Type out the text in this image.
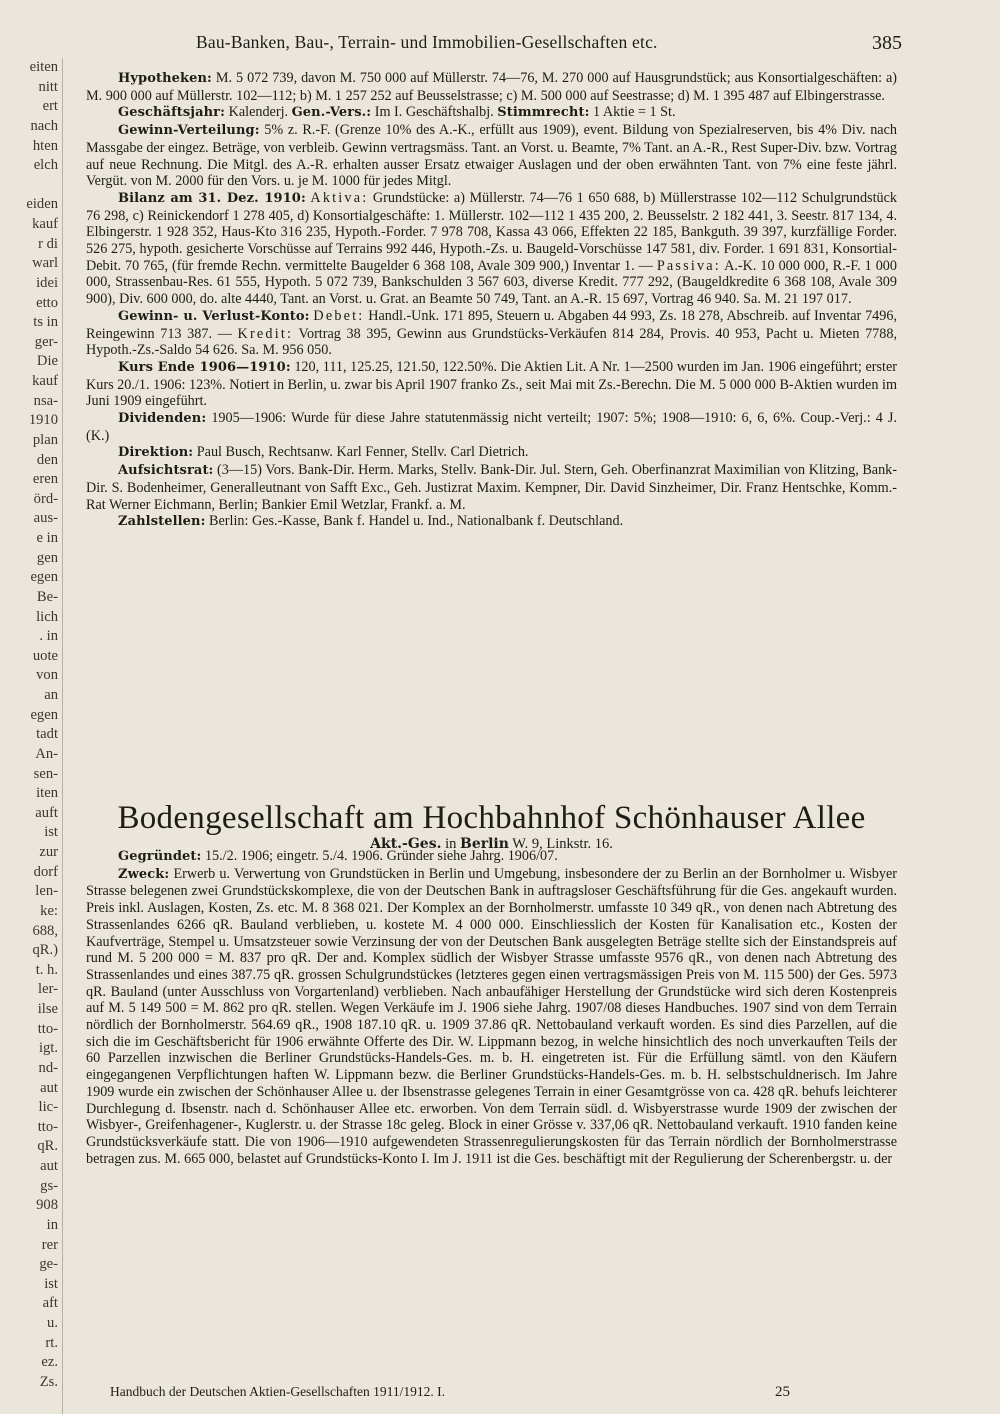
eiten
nitt
ert
nach
hten
elch

eiden
kauf
r di
warl
idei
etto
ts in
ger-
Die
kauf
nsa-
1910
plan
den
eren
örd-
aus-
e in
gen
egen
Be-
lich
. in
uote
von
an
egen
tadt
An-
sen-
iten
auft
ist
zur
dorf
len-
ke:
688,
qR.)
t. h.
ler-
ilse
tto-
igt.
nd-
aut
lic-
tto-
qR.
aut
gs-
908
in
rer
ge-
ist
aft
u.
rt.
ez.
Zs.
Bau-Banken, Bau-, Terrain- und Immobilien-Gesellschaften etc.	385

Hypotheken: M. 5 072 739, davon M. 750 000 auf Müllerstr. 74—76, M. 270 000 auf Hausgrundstück; aus Konsortialgeschäften: a) M. 900 000 auf Müllerstr. 102—112; b) M. 1 257 252 auf Beusselstrasse; c) M. 500 000 auf Seestrasse; d) M. 1 395 487 auf Elbingerstrasse.

Geschäftsjahr: Kalenderj. Gen.-Vers.: Im I. Geschäftshalbj. Stimmrecht: 1 Aktie = 1 St.

Gewinn-Verteilung: 5% z. R.-F. (Grenze 10% des A.-K., erfüllt aus 1909), event. Bildung von Spezialreserven, bis 4% Div. nach Massgabe der eingez. Beträge, von verbleib. Gewinn vertragsmäss. Tant. an Vorst. u. Beamte, 7% Tant. an A.-R., Rest Super-Div. bzw. Vortrag auf neue Rechnung. Die Mitgl. des A.-R. erhalten ausser Ersatz etwaiger Auslagen und der oben erwähnten Tant. von 7% eine feste jährl. Vergüt. von M. 2000 für den Vors. u. je M. 1000 für jedes Mitgl.

Bilanz am 31. Dez. 1910: Aktiva: Grundstücke: a) Müllerstr. 74—76 1 650 688, b) Müllerstrasse 102—112 Schulgrundstück 76 298, c) Reinickendorf 1 278 405, d) Konsortialgeschäfte: 1. Müllerstr. 102—112 1 435 200, 2. Beusselstr. 2 182 441, 3. Seestr. 817 134, 4. Elbingerstr. 1 928 352, Haus-Kto 316 235, Hypoth.-Forder. 7 978 708, Kassa 43 066, Effekten 22 185, Bankguth. 39 397, kurzfällige Forder. 526 275, hypoth. gesicherte Vorschüsse auf Terrains 992 446, Hypoth.-Zs. u. Baugeld-Vorschüsse 147 581, div. Forder. 1 691 831, Konsortial-Debit. 70 765, (für fremde Rechn. vermittelte Baugelder 6 368 108, Avale 309 900,) Inventar 1. — Passiva: A.-K. 10 000 000, R.-F. 1 000 000, Strassenbau-Res. 61 555, Hypoth. 5 072 739, Bankschulden 3 567 603, diverse Kredit. 777 292, (Baugeldkredite 6 368 108, Avale 309 900), Div. 600 000, do. alte 4440, Tant. an Vorst. u. Grat. an Beamte 50 749, Tant. an A.-R. 15 697, Vortrag 46 940. Sa. M. 21 197 017.

Gewinn- u. Verlust-Konto: Debet: Handl.-Unk. 171 895, Steuern u. Abgaben 44 993, Zs. 18 278, Abschreib. auf Inventar 7496, Reingewinn 713 387. — Kredit: Vortrag 38 395, Gewinn aus Grundstücks-Verkäufen 814 284, Provis. 40 953, Pacht u. Mieten 7788, Hypoth.-Zs.-Saldo 54 626. Sa. M. 956 050.

Kurs Ende 1906—1910: 120, 111, 125.25, 121.50, 122.50%. Die Aktien Lit. A Nr. 1—2500 wurden im Jan. 1906 eingeführt; erster Kurs 20./1. 1906: 123%. Notiert in Berlin, u. zwar bis April 1907 franko Zs., seit Mai mit Zs.-Berechn. Die M. 5 000 000 B-Aktien wurden im Juni 1909 eingeführt.

Dividenden: 1905—1906: Wurde für diese Jahre statutenmässig nicht verteilt; 1907: 5%; 1908—1910: 6, 6, 6%. Coup.-Verj.: 4 J. (K.)

Direktion: Paul Busch, Rechtsanw. Karl Fenner, Stellv. Carl Dietrich.

Aufsichtsrat: (3—15) Vors. Bank-Dir. Herm. Marks, Stellv. Bank-Dir. Jul. Stern, Geh. Oberfinanzrat Maximilian von Klitzing, Bank-Dir. S. Bodenheimer, Generalleutnant von Safft Exc., Geh. Justizrat Maxim. Kempner, Dir. David Sinzheimer, Dir. Franz Hentschke, Komm.-Rat Werner Eichmann, Berlin; Bankier Emil Wetzlar, Frankf. a. M.

Zahlstellen: Berlin: Ges.-Kasse, Bank f. Handel u. Ind., Nationalbank f. Deutschland.

Bodengesellschaft am Hochbahnhof Schönhauser Allee
Akt.-Ges. in Berlin W. 9, Linkstr. 16.

Gegründet: 15./2. 1906; eingetr. 5./4. 1906. Gründer siehe Jahrg. 1906/07.

Zweck: Erwerb u. Verwertung von Grundstücken in Berlin und Umgebung, insbesondere der zu Berlin an der Bornholmer u. Wisbyer Strasse belegenen zwei Grundstückskomplexe, die von der Deutschen Bank in auftragsloser Geschäftsführung für die Ges. angekauft wurden. Preis inkl. Auslagen, Kosten, Zs. etc. M. 8 368 021. Der Komplex an der Bornholmerstr. umfasste 10 349 qR., von denen nach Abtretung des Strassenlandes 6266 qR. Bauland verblieben, u. kostete M. 4 000 000. Einschliesslich der Kosten für Kanalisation etc., Kosten der Kaufverträge, Stempel u. Umsatzsteuer sowie Verzinsung der von der Deutschen Bank ausgelegten Beträge stellte sich der Einstandspreis auf rund M. 5 200 000 = M. 837 pro qR. Der and. Komplex südlich der Wisbyer Strasse umfasste 9576 qR., von denen nach Abtretung des Strassenlandes und eines 387.75 qR. grossen Schulgrundstückes (letzteres gegen einen vertragsmässigen Preis von M. 115 500) der Ges. 5973 qR. Bauland (unter Ausschluss von Vorgartenland) verblieben. Nach anbaufähiger Herstellung der Grundstücke wird sich deren Kostenpreis auf M. 5 149 500 = M. 862 pro qR. stellen. Wegen Verkäufe im J. 1906 siehe Jahrg. 1907/08 dieses Handbuches. 1907 sind von dem Terrain nördlich der Bornholmerstr. 564.69 qR., 1908 187.10 qR. u. 1909 37.86 qR. Nettobauland verkauft worden. Es sind dies Parzellen, auf die sich die im Geschäftsbericht für 1906 erwähnte Offerte des Dir. W. Lippmann bezog, in welche hinsichtlich des noch unverkauften Teils der 60 Parzellen inzwischen die Berliner Grundstücks-Handels-Ges. m. b. H. eingetreten ist. Für die Erfüllung sämtl. von den Käufern eingegangenen Verpflichtungen haften W. Lippmann bezw. die Berliner Grundstücks-Handels-Ges. m. b. H. selbstschuldnerisch. Im Jahre 1909 wurde ein zwischen der Schönhauser Allee u. der Ibsenstrasse gelegenes Terrain in einer Gesamtgrösse von ca. 428 qR. behufs leichterer Durchlegung d. Ibsenstr. nach d. Schönhauser Allee etc. erworben. Von dem Terrain südl. d. Wisbyerstrasse wurde 1909 der zwischen der Wisbyer-, Greifenhagener-, Kuglerstr. u. der Strasse 18c geleg. Block in einer Grösse v. 337,06 qR. Nettobauland verkauft. 1910 fanden keine Grundstücksverkäufe statt. Die von 1906—1910 aufgewendeten Strassenregulierungskosten für das Terrain nördlich der Bornholmerstrasse betragen zus. M. 665 000, belastet auf Grundstücks-Konto I. Im J. 1911 ist die Ges. beschäftigt mit der Regulierung der Scherenbergstr. u. der

Handbuch der Deutschen Aktien-Gesellschaften 1911/1912. I.	25
